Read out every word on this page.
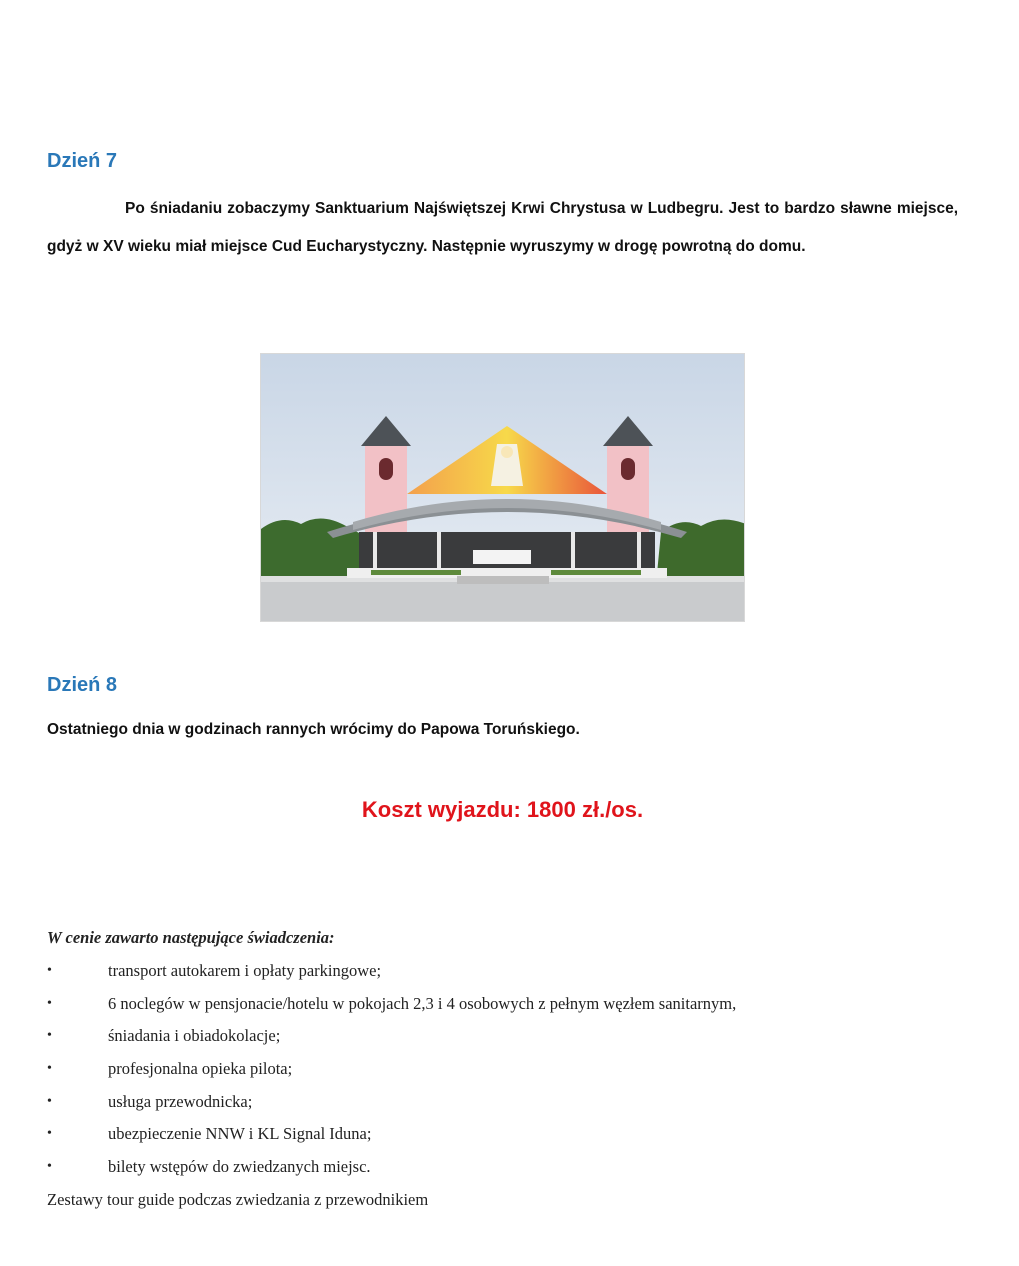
Dzień 7

Po śniadaniu zobaczymy Sanktuarium Najświętszej Krwi Chrystusa w Ludbegru. Jest to bardzo sławne miejsce, gdyż w XV wieku miał miejsce Cud Eucharystyczny. Następnie wyruszymy w drogę powrotną do domu.

Dzień 8

Ostatniego dnia w godzinach rannych wrócimy do Papowa Toruńskiego.

Koszt wyjazdu: 1800 zł./os.

W cenie zawarto następujące świadczenia:

•	transport autokarem i opłaty parkingowe;
•	6 noclegów w pensjonacie/hotelu w pokojach 2,3 i 4 osobowych z pełnym węzłem sanitarnym,
•	śniadania i obiadokolacje;
•	profesjonalna opieka pilota;
•	usługa przewodnicka;
•	ubezpieczenie NNW i KL Signal Iduna;
•	bilety wstępów do zwiedzanych miejsc.

Zestawy tour guide podczas zwiedzania z przewodnikiem
